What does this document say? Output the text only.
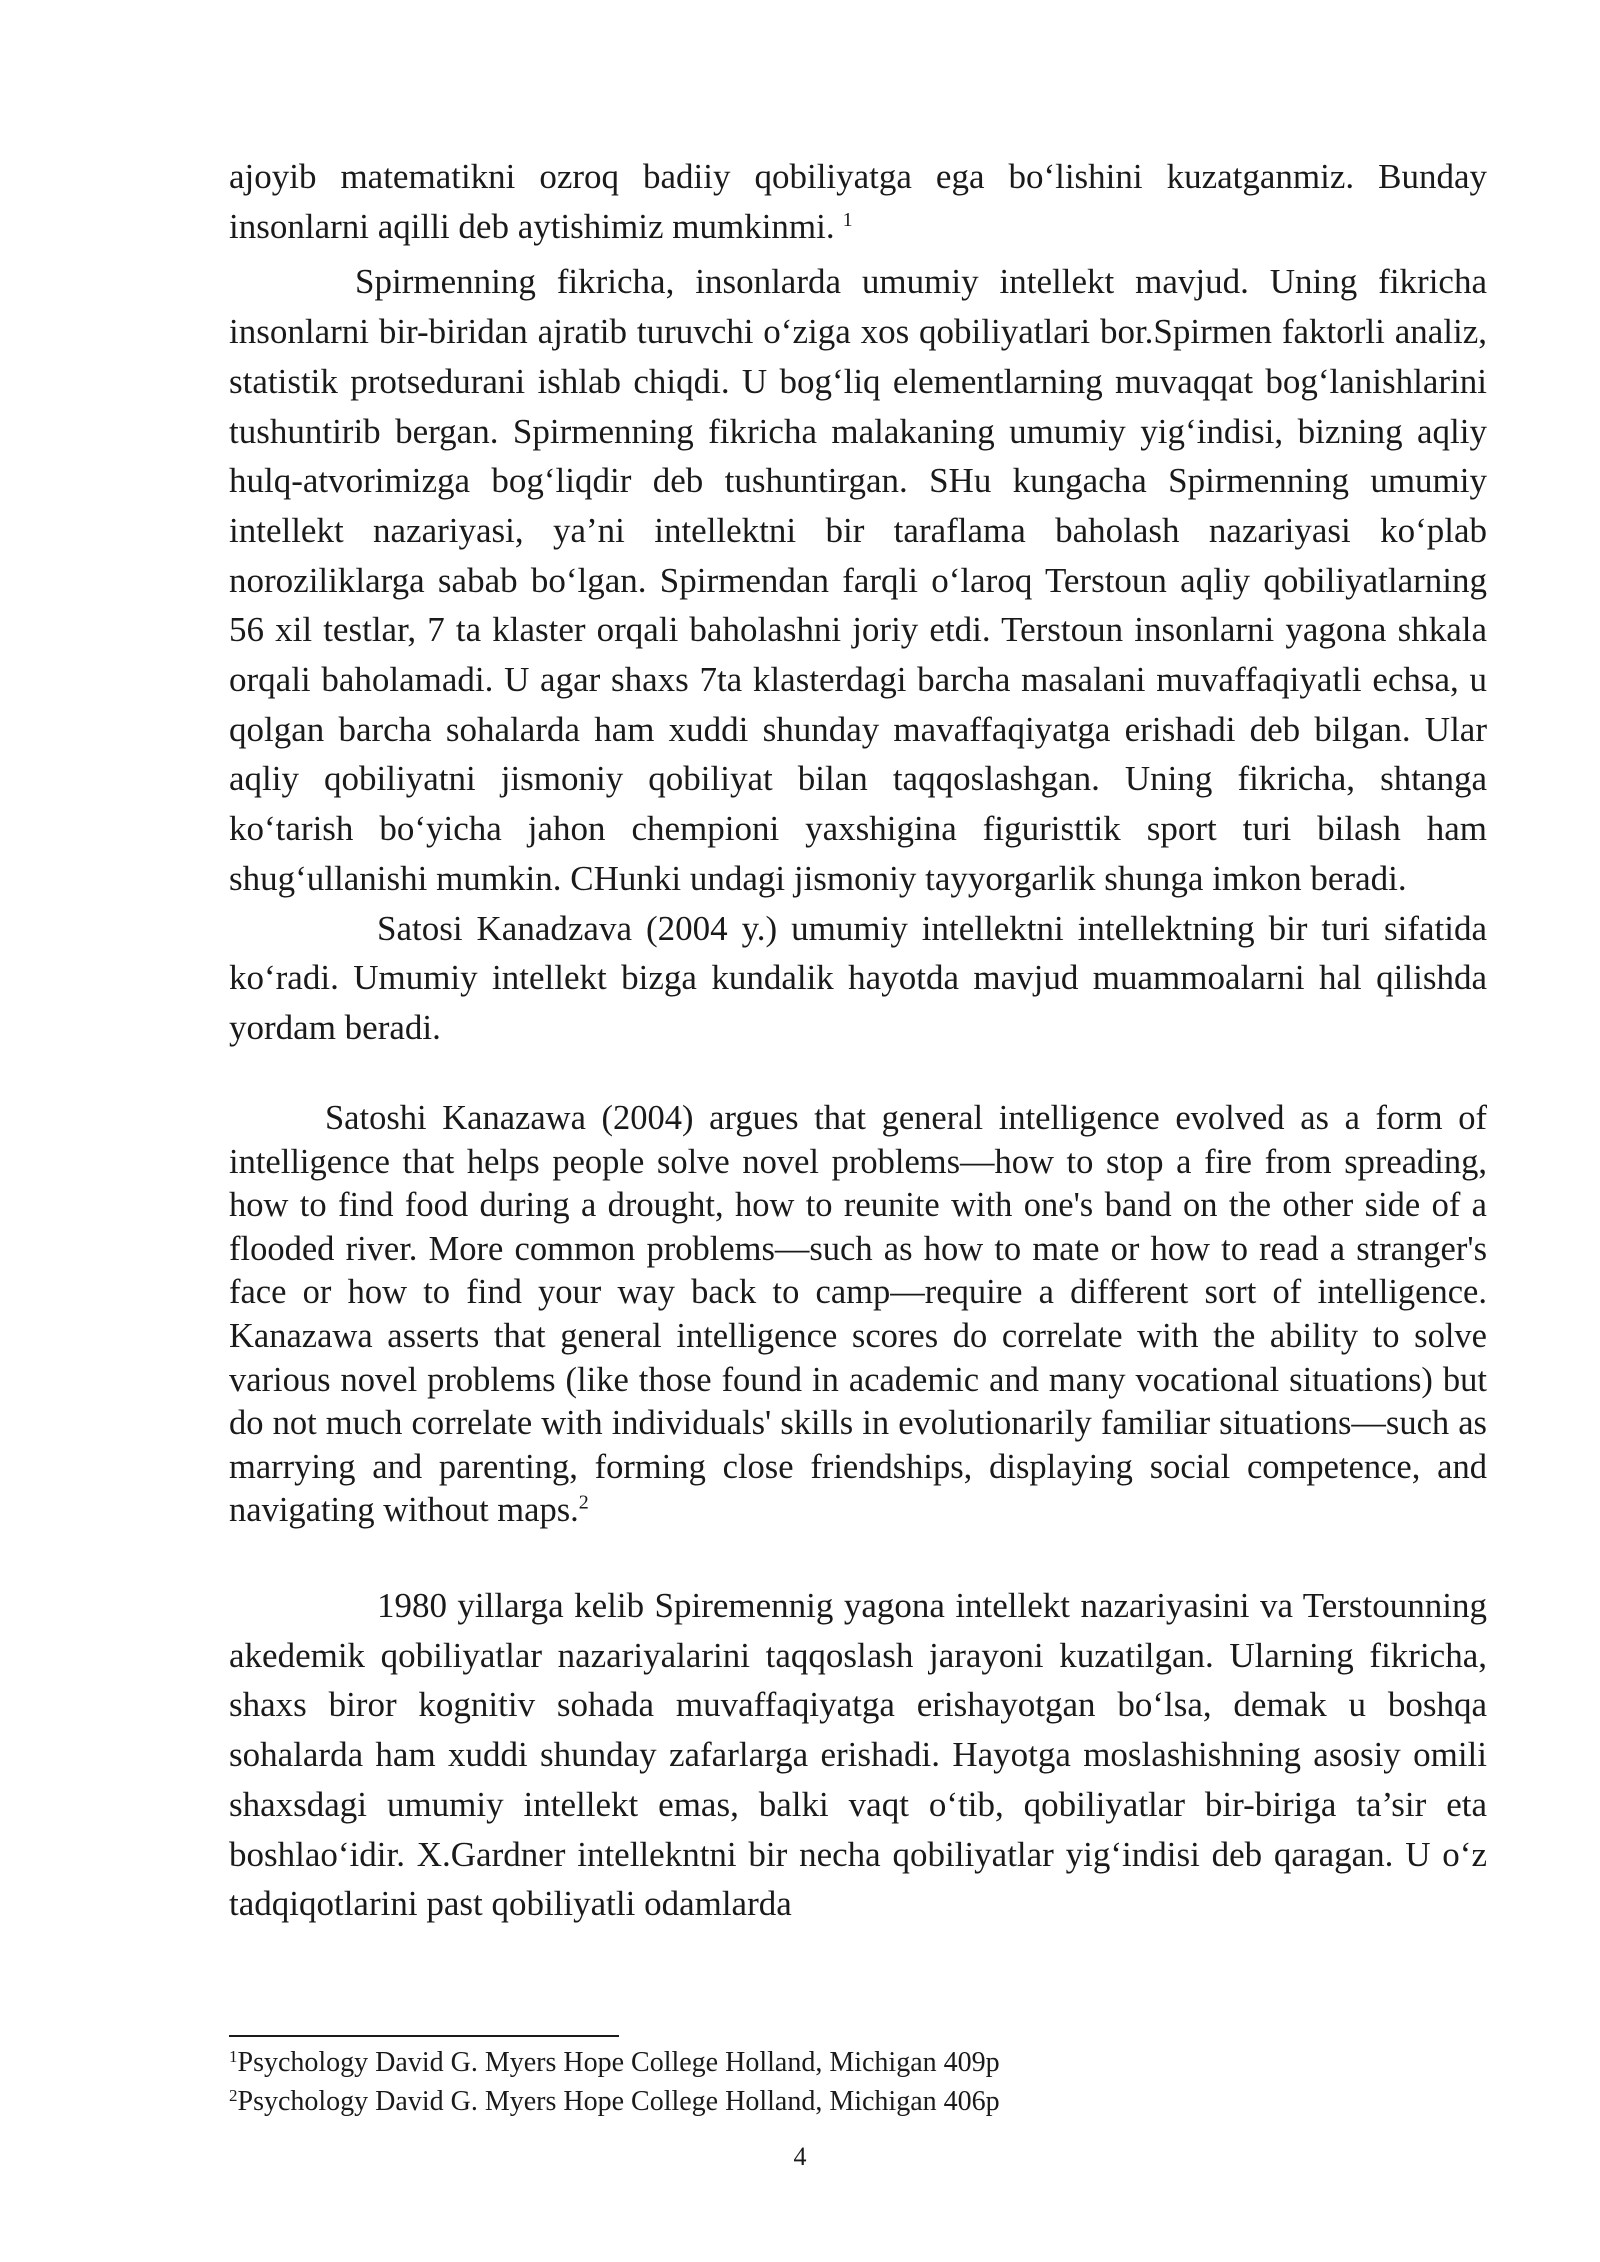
ajoyib matematikni ozroq badiiy qobiliyatga ega bo‘lishini kuzatganmiz. Bunday insonlarni aqilli deb aytishimiz mumkinmi. $^1$

Spirmenning fikricha, insonlarda umumiy intellekt mavjud. Uning fikricha insonlarni bir-biridan ajratib turuvchi o‘ziga xos qobiliyatlari bor.Spirmen faktorli analiz, statistik protsedurani ishlab chiqdi. U bog‘liq elementlarning muvaqqat bog‘lanishlarini tushuntirib bergan. Spirmenning fikricha malakaning umumiy yig‘indisi, bizning aqliy hulq-atvorimizga bog‘liqdir deb tushuntirgan. SHu kungacha Spirmenning umumiy intellekt nazariyasi, ya’ni intellektni bir taraflama baholash nazariyasi ko‘plab noroziliklarga sabab bo‘lgan. Spirmendan farqli o‘laroq Terstoun aqliy qobiliyatlarning 56 xil testlar, 7 ta klaster orqali baholashni joriy etdi. Terstoun insonlarni yagona shkala orqali baholamadi. U agar shaxs 7ta klasterdagi barcha masalani muvaffaqiyatli echsa, u qolgan barcha sohalarda ham xuddi shunday mavaffaqiyatga erishadi deb bilgan. Ular aqliy qobiliyatni jismoniy qobiliyat bilan taqqoslashgan. Uning fikricha, shtanga ko‘tarish bo‘yicha jahon chempioni yaxshigina figuristtik sport turi bilash ham shug‘ullanishi mumkin. CHunki undagi jismoniy tayyorgarlik shunga imkon beradi.

Satosi Kanadzava (2004 y.) umumiy intellektni intellektning bir turi sifatida ko‘radi. Umumiy intellekt bizga kundalik hayotda mavjud muammoalarni hal qilishda yordam beradi.

Satoshi Kanazawa (2004) argues that general intelligence evolved as a form of intelligence that helps people solve novel problems—how to stop a fire from spreading, how to find food during a drought, how to reunite with one's band on the other side of a flooded river. More common problems—such as how to mate or how to read a stranger's face or how to find your way back to camp—require a different sort of intelligence. Kanazawa asserts that general intelligence scores do correlate with the ability to solve various novel problems (like those found in academic and many vocational situations) but do not much correlate with individuals' skills in evolutionarily familiar situations—such as marrying and parenting, forming close friendships, displaying social competence, and navigating without maps.$^2$

1980 yillarga kelib Spiremennig yagona intellekt nazariyasini va Terstounning akedemik qobiliyatlar nazariyalarini taqqoslash jarayoni kuzatilgan. Ularning fikricha, shaxs biror kognitiv sohada muvaffaqiyatga erishayotgan bo‘lsa, demak u boshqa sohalarda ham xuddi shunday zafarlarga erishadi. Hayotga moslashishning asosiy omili shaxsdagi umumiy intellekt emas, balki vaqt o‘tib, qobiliyatlar bir-biriga ta’sir eta boshlao‘idir. X.Gardner intellekntni bir necha qobiliyatlar yig‘indisi deb qaragan. U o‘z tadqiqotlarini past qobiliyatli odamlarda

$^1$Psychology David G. Myers Hope College Holland, Michigan 409p
$^2$Psychology David G. Myers Hope College Holland, Michigan 406p
4
